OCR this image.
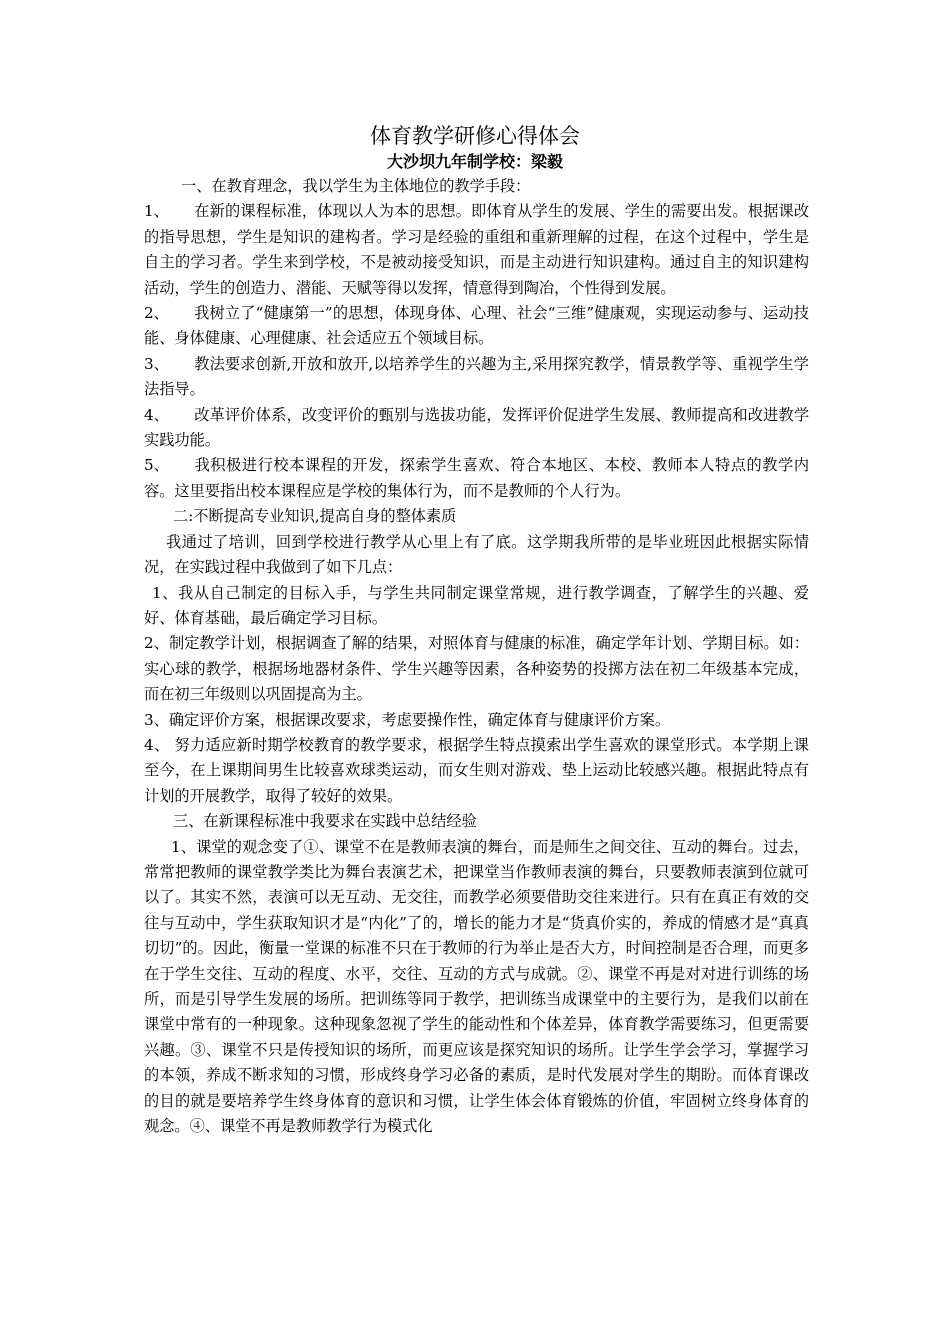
体育教学研修心得体会
大沙坝九年制学校：梁毅

一、在教育理念，我以学生为主体地位的教学手段：

1、 在新的课程标准，体现以人为本的思想。即体育从学生的发展、学生的需要出发。根据课改的指导思想，学生是知识的建构者。学习是经验的重组和重新理解的过程，在这个过程中，学生是自主的学习者。学生来到学校，不是被动接受知识，而是主动进行知识建构。通过自主的知识建构活动，学生的创造力、潜能、天赋等得以发挥，情意得到陶冶，个性得到发展。

2、 我树立了“健康第一”的思想，体现身体、心理、社会“三维”健康观，实现运动参与、运动技能、身体健康、心理健康、社会适应五个领域目标。

3、 教法要求创新,开放和放开,以培养学生的兴趣为主,采用探究教学，情景教学等、重视学生学法指导。

4、 改革评价体系，改变评价的甄别与选拔功能，发挥评价促进学生发展、教师提高和改进教学实践功能。

5、 我积极进行校本课程的开发，探索学生喜欢、符合本地区、本校、教师本人特点的教学内容。这里要指出校本课程应是学校的集体行为，而不是教师的个人行为。

二:不断提高专业知识,提高自身的整体素质

我通过了培训，回到学校进行教学从心里上有了底。这学期我所带的是毕业班因此根据实际情况，在实践过程中我做到了如下几点：

1、我从自己制定的目标入手，与学生共同制定课堂常规，进行教学调查，了解学生的兴趣、爱好、体育基础，最后确定学习目标。

2、制定教学计划，根据调查了解的结果，对照体育与健康的标准，确定学年计划、学期目标。如：实心球的教学，根据场地器材条件、学生兴趣等因素，各种姿势的投掷方法在初二年级基本完成，而在初三年级则以巩固提高为主。

3、确定评价方案，根据课改要求，考虑要操作性，确定体育与健康评价方案。

4、 努力适应新时期学校教育的教学要求，根据学生特点摸索出学生喜欢的课堂形式。本学期上课至今，在上课期间男生比较喜欢球类运动，而女生则对游戏、垫上运动比较感兴趣。根据此特点有计划的开展教学，取得了较好的效果。

三、在新课程标准中我要求在实践中总结经验

1、课堂的观念变了①、课堂不在是教师表演的舞台，而是师生之间交往、互动的舞台。过去，常常把教师的课堂教学类比为舞台表演艺术，把课堂当作教师表演的舞台，只要教师表演到位就可以了。其实不然，表演可以无互动、无交往，而教学必须要借助交往来进行。只有在真正有效的交往与互动中，学生获取知识才是“内化”了的，增长的能力才是“货真价实的，养成的情感才是“真真切切”的。因此，衡量一堂课的标准不只在于教师的行为举止是否大方，时间控制是否合理，而更多在于学生交往、互动的程度、水平，交往、互动的方式与成就。②、课堂不再是对对进行训练的场所，而是引导学生发展的场所。把训练等同于教学，把训练当成课堂中的主要行为，是我们以前在课堂中常有的一种现象。这种现象忽视了学生的能动性和个体差异，体育教学需要练习，但更需要兴趣。③、课堂不只是传授知识的场所，而更应该是探究知识的场所。让学生学会学习，掌握学习的本领，养成不断求知的习惯，形成终身学习必备的素质，是时代发展对学生的期盼。而体育课改的目的就是要培养学生终身体育的意识和习惯，让学生体会体育锻炼的价值，牢固树立终身体育的观念。④、课堂不再是教师教学行为模式化
